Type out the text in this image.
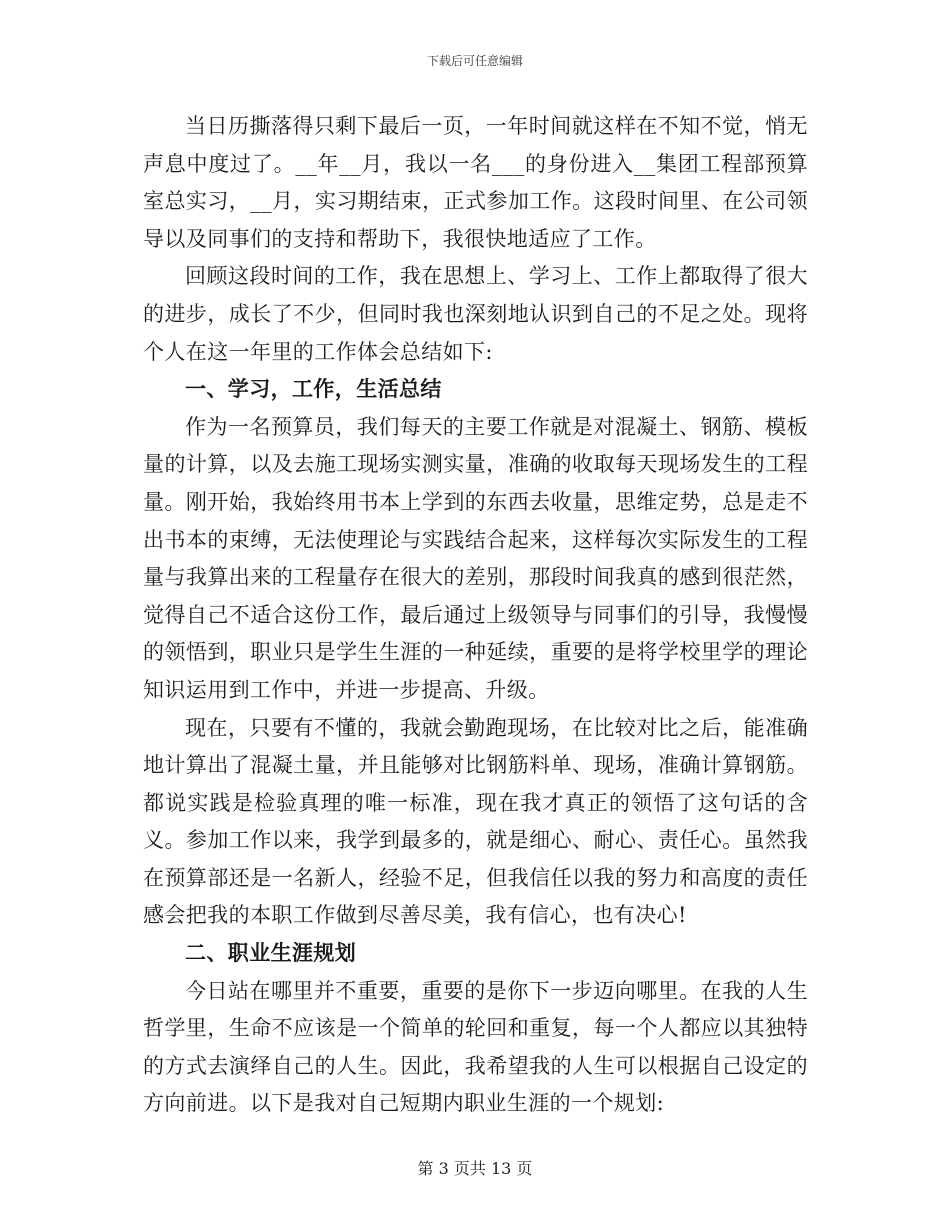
下载后可任意编辑

当日历撕落得只剩下最后一页，一年时间就这样在不知不觉，悄无声息中度过了。__年__月，我以一名___的身份进入__集团工程部预算室总实习，__月，实习期结束，正式参加工作。这段时间里、在公司领导以及同事们的支持和帮助下，我很快地适应了工作。

回顾这段时间的工作，我在思想上、学习上、工作上都取得了很大的进步，成长了不少，但同时我也深刻地认识到自己的不足之处。现将个人在这一年里的工作体会总结如下:

一、学习，工作，生活总结

作为一名预算员，我们每天的主要工作就是对混凝土、钢筋、模板量的计算，以及去施工现场实测实量，准确的收取每天现场发生的工程量。刚开始，我始终用书本上学到的东西去收量，思维定势，总是走不出书本的束缚，无法使理论与实践结合起来，这样每次实际发生的工程量与我算出来的工程量存在很大的差别，那段时间我真的感到很茫然，觉得自己不适合这份工作，最后通过上级领导与同事们的引导，我慢慢的领悟到，职业只是学生生涯的一种延续，重要的是将学校里学的理论知识运用到工作中，并进一步提高、升级。

现在，只要有不懂的，我就会勤跑现场，在比较对比之后，能准确地计算出了混凝土量，并且能够对比钢筋料单、现场，准确计算钢筋。都说实践是检验真理的唯一标准，现在我才真正的领悟了这句话的含义。参加工作以来，我学到最多的，就是细心、耐心、责任心。虽然我在预算部还是一名新人，经验不足，但我信任以我的努力和高度的责任感会把我的本职工作做到尽善尽美，我有信心，也有决心!

二、职业生涯规划

今日站在哪里并不重要，重要的是你下一步迈向哪里。在我的人生哲学里，生命不应该是一个简单的轮回和重复，每一个人都应以其独特的方式去演绎自己的人生。因此，我希望我的人生可以根据自己设定的方向前进。以下是我对自己短期内职业生涯的一个规划:

第 3 页共 13 页
